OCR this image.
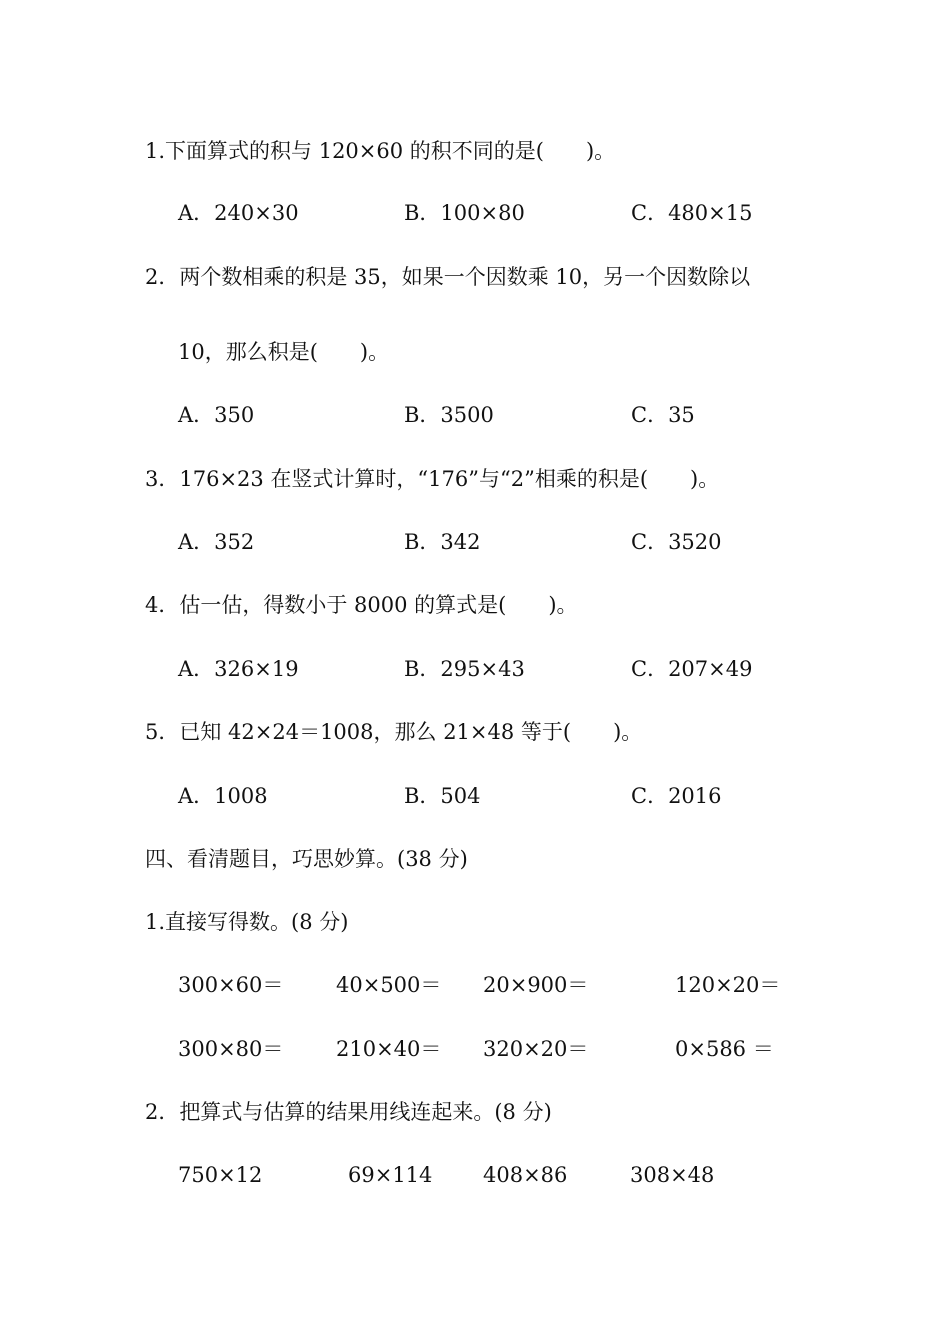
1.下面算式的积与 120×60 的积不同的是(　　)。
A．240×30	B．100×80	C．480×15
2．两个数相乘的积是 35，如果一个因数乘 10，另一个因数除以
10，那么积是(　　)。
A．350	B．3500	C．35
3．176×23 在竖式计算时，“176”与“2”相乘的积是(　　)。
A．352	B．342	C．3520
4．估一估，得数小于 8000 的算式是(　　)。
A．326×19	B．295×43	C．207×49
5．已知 42×24＝1008，那么 21×48 等于(　　)。
A．1008	B．504	C．2016
四、看清题目，巧思妙算。(38 分)
1.直接写得数。(8 分)
300×60＝	40×500＝ 20×900＝	120×20＝
300×80＝	210×40＝ 320×20＝	0×586 ＝
2．把算式与估算的结果用线连起来。(8 分)
750×12	69×114 408×86	308×48
